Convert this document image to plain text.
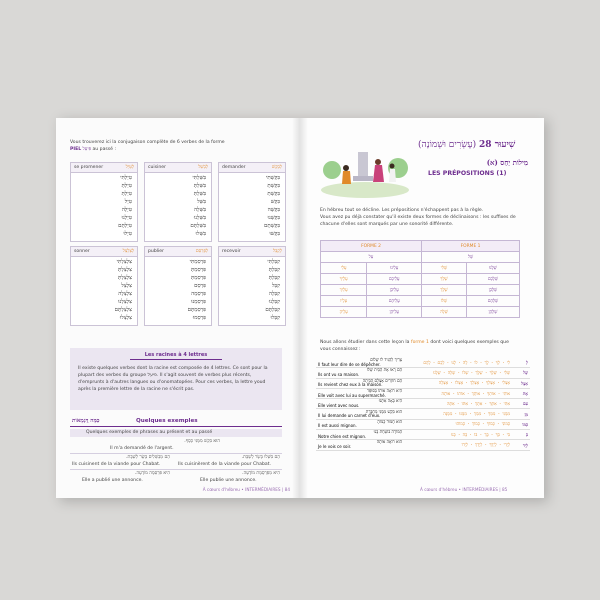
Vous trouverez ici la conjugaison complète de 6 verbes de la forme
PIEL פִּיעֵל au passé :
se promener	לְטַיֵּל
טִיַּלְתִּי
טִיַּלְתָּ
טִיַּלְתְּ
טִיֵּל
טִיְּלָה
טִיַּלְנוּ
טִיַּלְתֶּם
טִיְּלוּ
cuisiner	לְבַשֵּׁל
בִּשַּׁלְתִּי
בִּשַּׁלְתָּ
בִּשַּׁלְתְּ
בִּשֵּׁל
בִּשְּׁלָה
בִּשַּׁלְנוּ
בִּשַּׁלְתֶּם
בִּשְּׁלוּ
demander	לְבַקֵּשׁ
בִּקַּשְׁתִּי
בִּקַּשְׁתָּ
בִּקַּשְׁתְּ
בִּקֵּשׁ
בִּקְּשָׁה
בִּקַּשְׁנוּ
בִּקַּשְׁתֶּם
בִּקְּשׁוּ
sonner	לְצַלְצֵל
צִלְצַלְתִּי
צִלְצַלְתָּ
צִלְצַלְתְּ
צִלְצֵל
צִלְצְלָה
צִלְצַלְנוּ
צִלְצַלְתֶּם
צִלְצְלוּ
publier	לְפַרְסֵם
פִּרְסַמְתִּי
פִּרְסַמְתָּ
פִּרְסַמְתְּ
פִּרְסֵם
פִּרְסְמָה
פִּרְסַמְנוּ
פִּרְסַמְתֶּם
פִּרְסְמוּ
recevoir	לְקַבֵּל
קִבַּלְתִּי
קִבַּלְתָּ
קִבַּלְתְּ
קִבֵּל
קִבְּלָה
קִבַּלְנוּ
קִבַּלְתֶּם
קִבְּלוּ
Les racines à 4 lettres
Il existe quelques verbes dont la racine est composée de 4 lettres. Ce sont pour la
plupart des verbes du groupe פיעל. Il s'agit souvent de verbes plus récents,
d'emprunts à d'autres langues ou d'onomatopées. Pour ces verbes, la lettre youd
après la première lettre de la racine ne s'écrit pas.
Quelques exemples
כַּמָּה דֻּגְמָאוֹת
Quelques exemples de phrases au présent et au passé
הוּא בִּקֵּשׁ מִמֶּנִּי כֶּסֶף.
Il m'a demandé de l'argent.
הֵם מְבַשְּׁלִים בָּשָׂר לְשַׁבָּת.
Ils cuisinent de la viande pour Chabat.
הֵם בִּשְּׁלוּ בָּשָׂר לְשַׁבָּת.
Ils cuisinèrent de la viande pour Chabat.
הִיא פִּרְסְמָה מוֹדָעָה.
Elle a publié une annonce.
הִיא מְפַרְסֶמֶת מוֹדָעָה.
Elle publie une annonce.
À cœurs d'hébreu • INTERMÉDIAIRES | 84
(עֶשְׂרִים וּשְׁמוֹנָה) שִׁיעוּר 28
מִילוֹת יַחַס (א)
LES PRÉPOSITIONS (1)
En hébreu tout se décline. Les prépositions n'échappent pas à la règle.
Vous avez pu déjà constater qu'il existe deux formes de déclinaisons : les suffixes de
chacune d'elles sont marqués par une sonorité différente.
FORME 2		FORME 1	
עַל		שֶׁל	
עָלַי	עָלֵינוּ	שֶׁלִּי	שֶׁלָּנוּ
עָלֶיךָ	עֲלֵיכֶם	שֶׁלְּךָ	שֶׁלָּכֶם
עָלַיִךְ	עֲלֵיכֶן	שֶׁלָּךְ	שֶׁלָּכֶן
עָלָיו	עֲלֵיהֶם	שֶׁלּוֹ	שֶׁלָּהֶם
עָלֶיהָ	עֲלֵיהֶן	שֶׁלָּהּ	שֶׁלָּהֶן
Nous allons étudier dans cette leçon la forme 1 dont voici quelques exemples que
vous connaissez :
צָרִיךְ לְהַגִּיד לוֹ שָׁלוֹם
Il faut leur dire de se dépêcher.	לִי ・ לְךָ ・ לָךְ ・ לוֹ ・ לָהּ ・ לָנוּ ・ לָכֶם ・ לָהֶם	לְ

הֵם רָאוּ אֶת הַבַּיִת שֶׁלּוֹ
Ils ont vu sa maison.	שֶׁלִּי ・ שֶׁלְּךָ ・ שֶׁלָּךְ ・ שֶׁלּוֹ ・ שֶׁלָּהּ ・ שֶׁלָּנוּ	שֶׁל

הֵם חוֹזְרִים אֶצְלָם הַבַּיְתָה
Ils revient chez eux à la maison.	אֶצְלִי ・ אֶצְלְךָ ・ אֶצְלֵךְ ・ אֶצְלוֹ ・ אֶצְלָהּ	אֵצֶל

הִיא רוֹאָה אוֹתוֹ בַּסּוּפֶּר
Elle voit avec lui au supermarché.	אוֹתִי ・ אוֹתְךָ ・ אוֹתָךְ ・ אוֹתוֹ ・ אוֹתָהּ	אֶת

הִיא בָּאָה אִתָּנוּ
Elle vient avec nous.	אִתִּי ・ אִתְּךָ ・ אִתָּךְ ・ אִתּוֹ ・ אִתָּהּ	עִם

הוּא בִּקֵּשׁ מִמֶּנִּי מְחַבֶּרֶת
Il lui demande un carnet d'eux.	מִמֶּנִּי ・ מִמְּךָ ・ מִמֵּךְ ・ מִמֶּנּוּ ・ מִמֶּנָּה	מִן

הוּא חָמוּד כָּמוֹהָ
Il est aussi mignon.	כָּמוֹנִי ・ כָּמוֹךָ ・ כָּמוֹךְ ・ כָּמוֹהוּ	כְּמוֹ

הַמּוֹרָה בּוֹטַחַת בָּנוּ
Notre chien est mignon.	בִּי ・ בְּךָ ・ בָּךְ ・ בּוֹ ・ בָּהּ ・ בָּנוּ	בְּ

הוּא רוֹאֶה אוֹתָהּ
Je le vois ce soir.	לְיָדִי ・ לְיָדְךָ ・ לְיָדֵךְ ・ לְיָדוֹ	לְיַד
À cœurs d'hébreu • INTERMÉDIAIRES | 85
